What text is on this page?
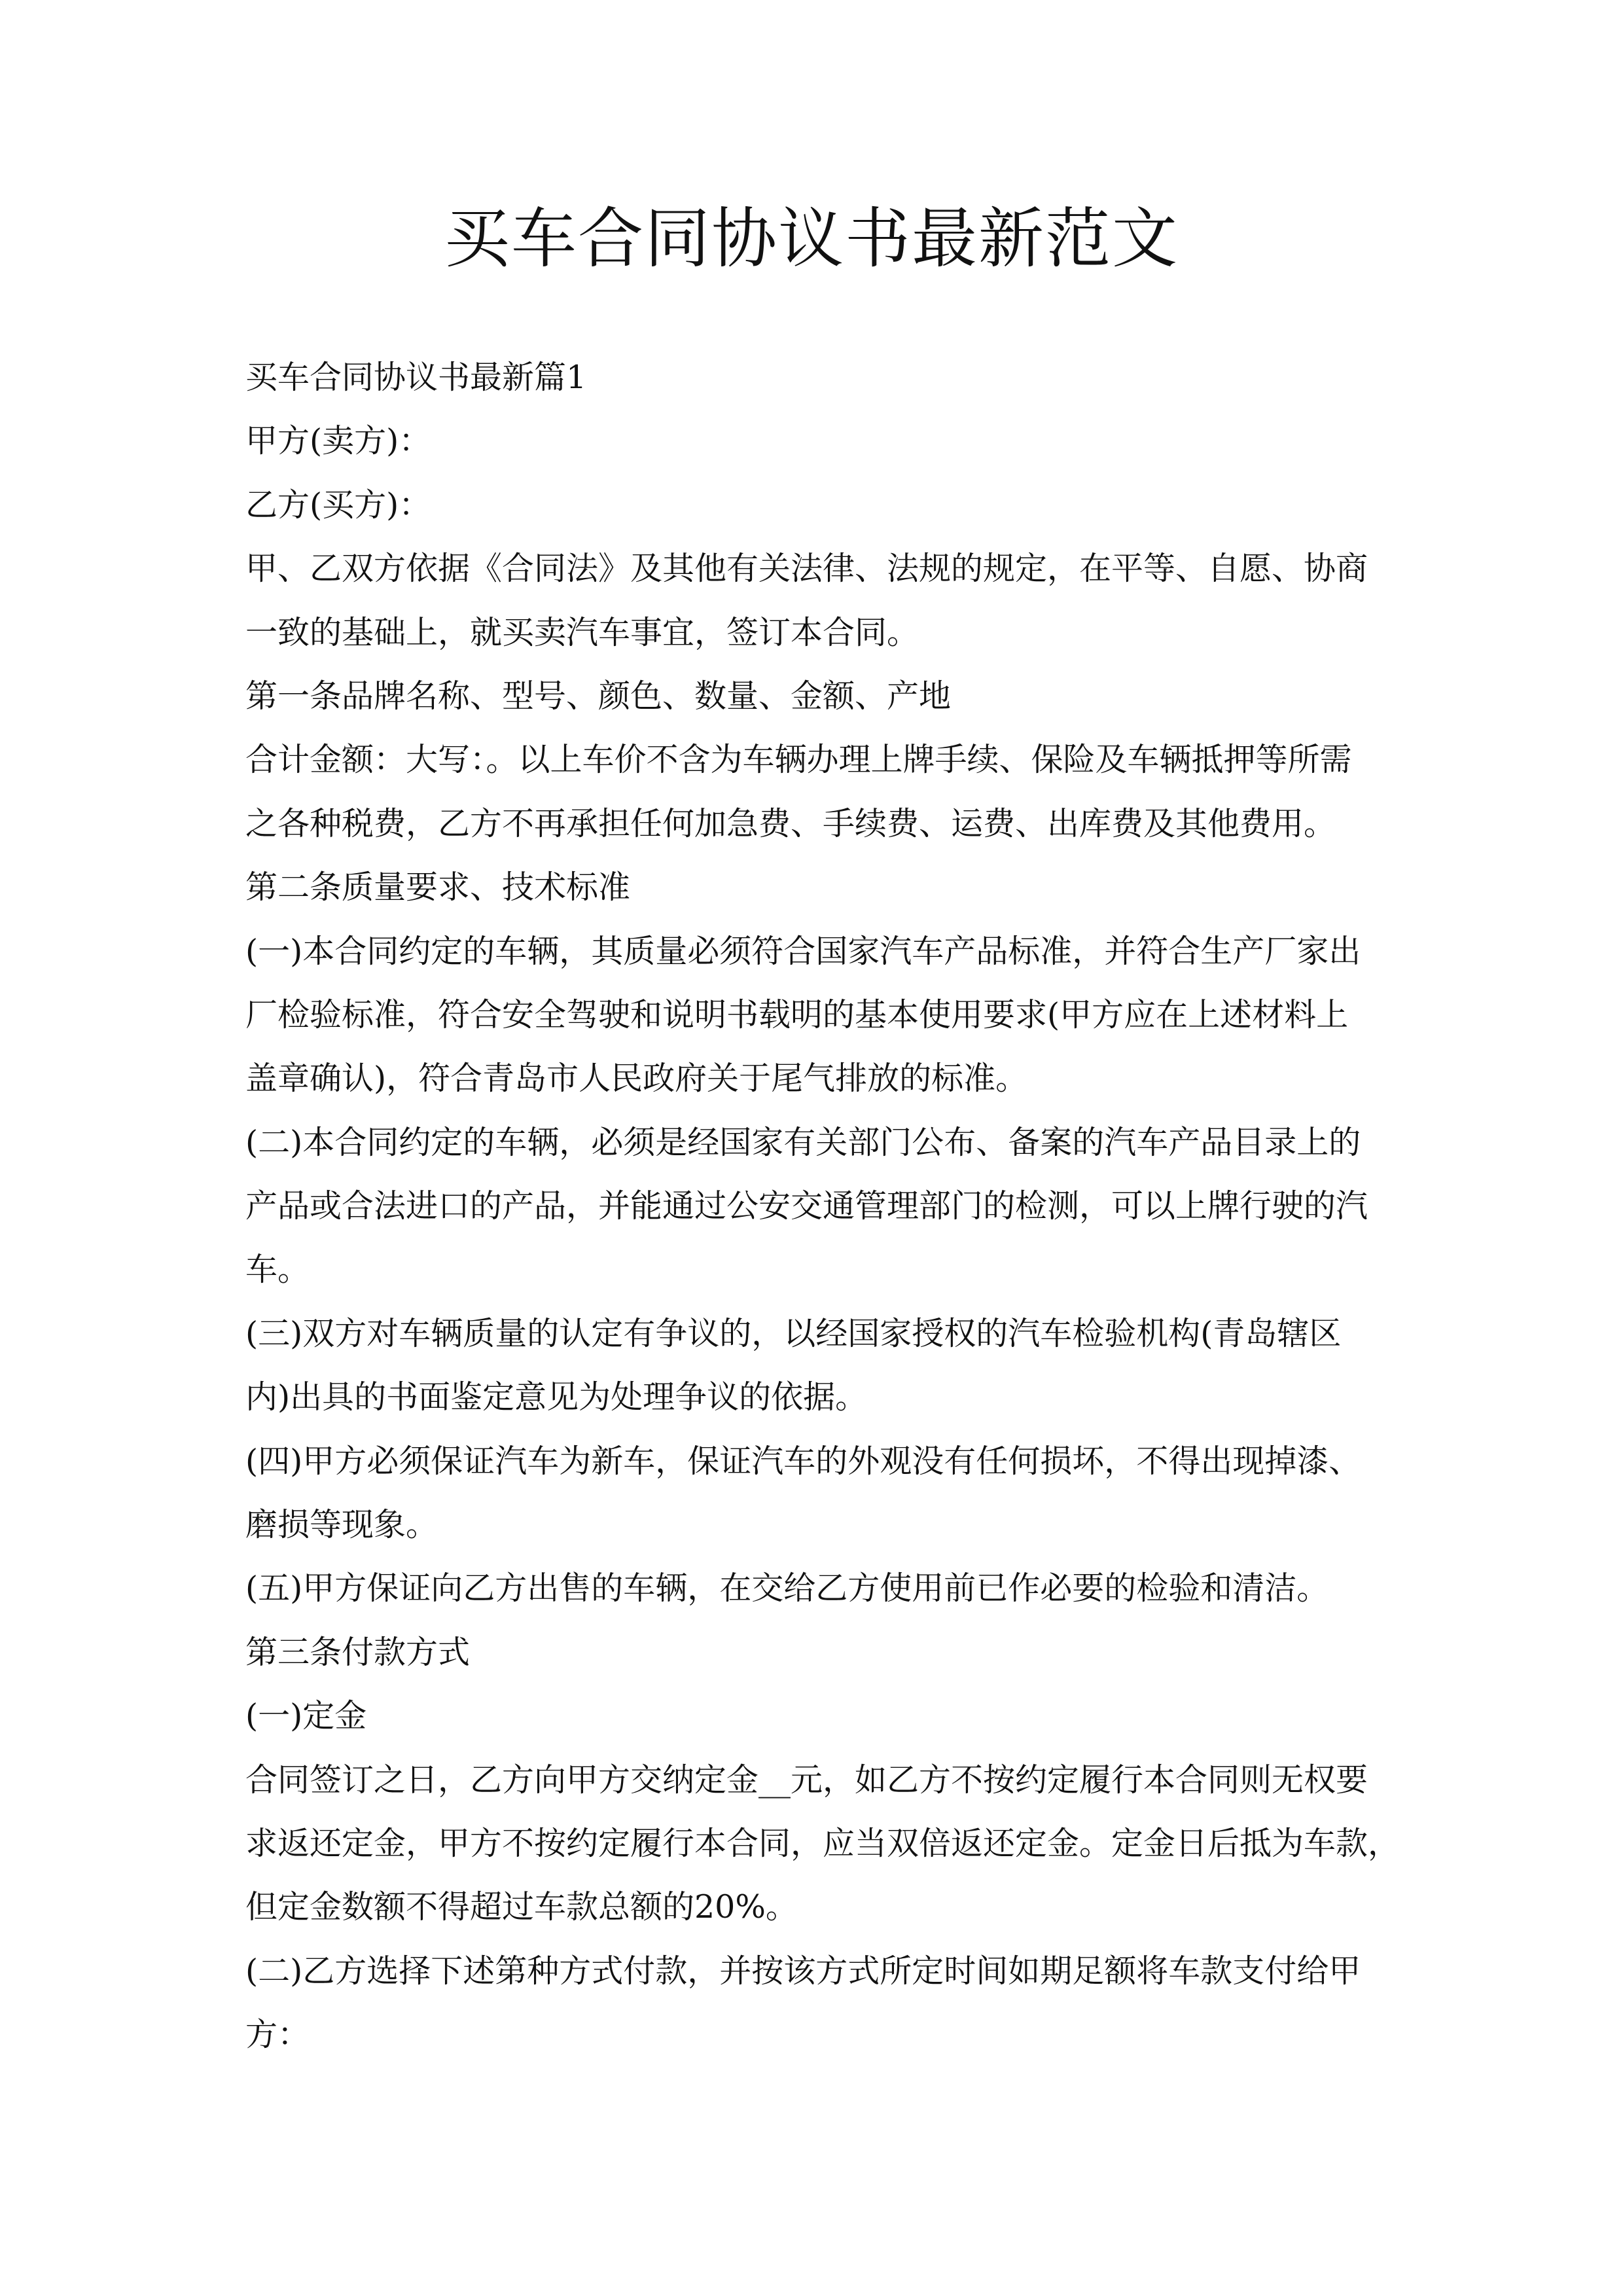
买车合同协议书最新范文
买车合同协议书最新篇1
甲方(卖方)：
乙方(买方)：
甲、乙双方依据《合同法》及其他有关法律、法规的规定，在平等、自愿、协商
一致的基础上，就买卖汽车事宜，签订本合同。
第一条品牌名称、型号、颜色、数量、金额、产地
合计金额：大写：。以上车价不含为车辆办理上牌手续、保险及车辆抵押等所需
之各种税费，乙方不再承担任何加急费、手续费、运费、出库费及其他费用。
第二条质量要求、技术标准
(一)本合同约定的车辆，其质量必须符合国家汽车产品标准，并符合生产厂家出
厂检验标准，符合安全驾驶和说明书载明的基本使用要求(甲方应在上述材料上
盖章确认)，符合青岛市人民政府关于尾气排放的标准。
(二)本合同约定的车辆，必须是经国家有关部门公布、备案的汽车产品目录上的
产品或合法进口的产品，并能通过公安交通管理部门的检测，可以上牌行驶的汽
车。
(三)双方对车辆质量的认定有争议的，以经国家授权的汽车检验机构(青岛辖区
内)出具的书面鉴定意见为处理争议的依据。
(四)甲方必须保证汽车为新车，保证汽车的外观没有任何损坏，不得出现掉漆、
磨损等现象。
(五)甲方保证向乙方出售的车辆，在交给乙方使用前已作必要的检验和清洁。
第三条付款方式
(一)定金
合同签订之日，乙方向甲方交纳定金__元，如乙方不按约定履行本合同则无权要
求返还定金，甲方不按约定履行本合同，应当双倍返还定金。定金日后抵为车款，
但定金数额不得超过车款总额的20%。
(二)乙方选择下述第种方式付款，并按该方式所定时间如期足额将车款支付给甲
方：
